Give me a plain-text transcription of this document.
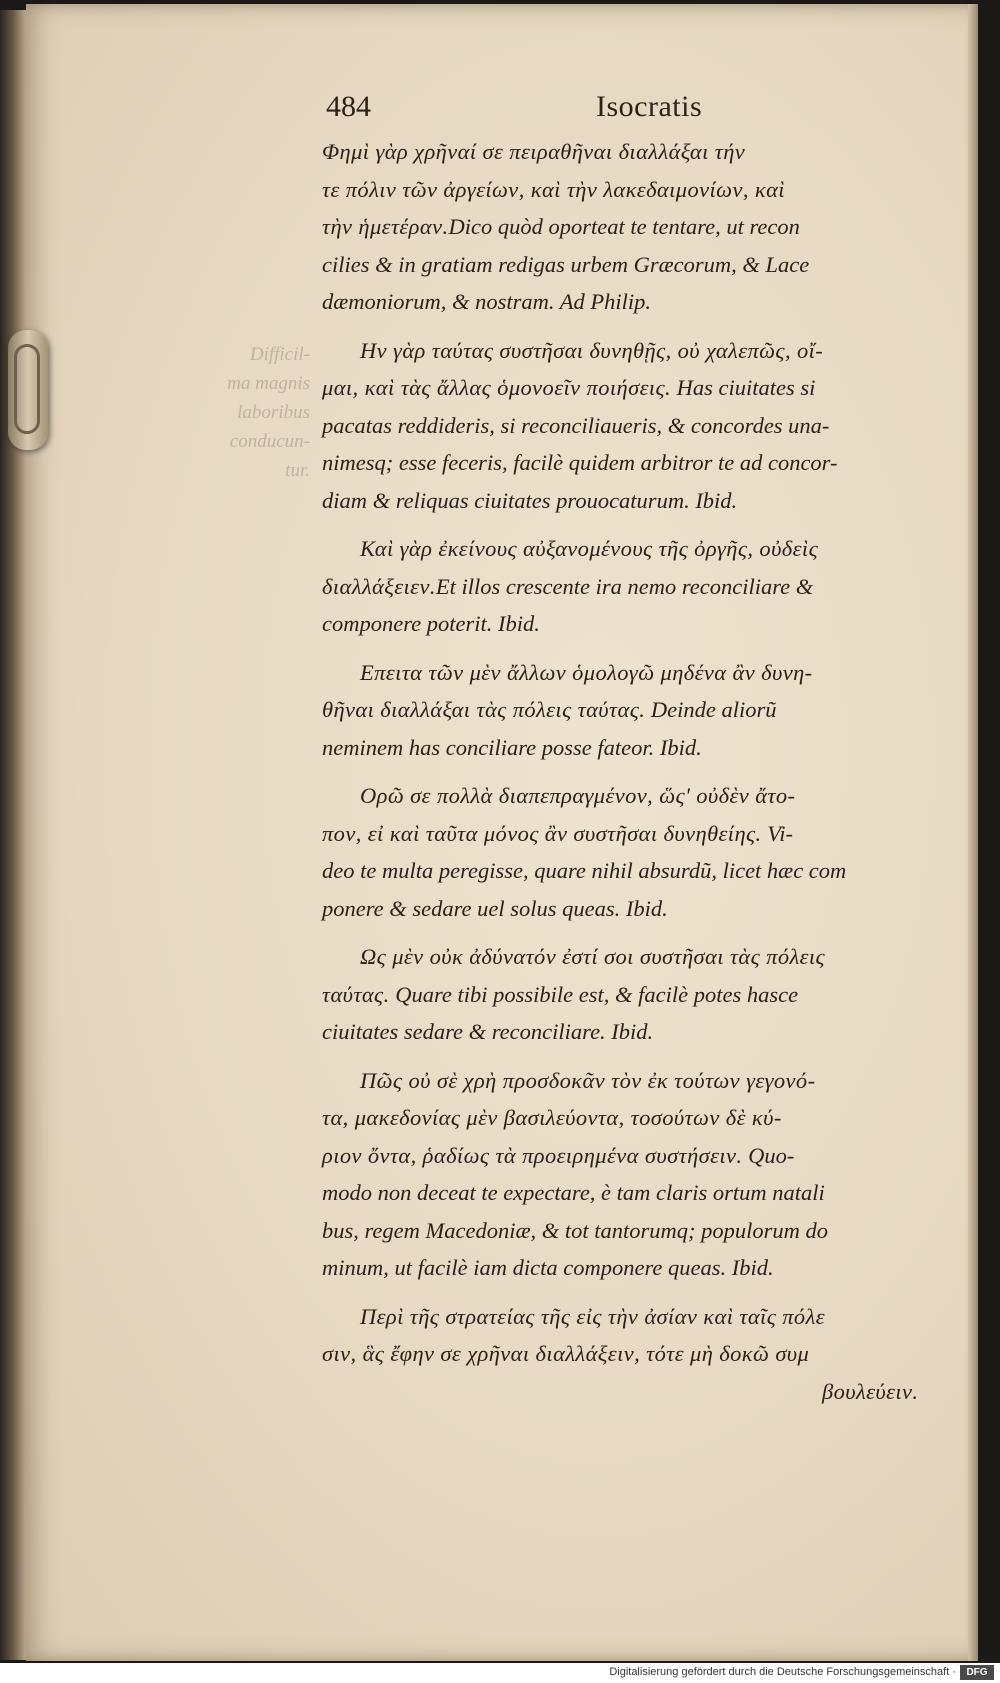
484	Isocratis
Difficil-
ma magnis
laboribus
conducun-
tur.
Φημὶ γὰρ χρῆναί σε πειραθῆναι διαλλάξαι τήν
τε πόλιν τῶν ἀργείων, καὶ τὴν λακεδαιμονίων, καὶ
τὴν ἡμετέραν.Dico quòd oporteat te tentare, ut recon
cilies & in gratiam redigas urbem Græcorum, & Lace
dæmoniorum, & nostram. Ad Philip.
Ην γὰρ ταύτας συστῆσαι δυνηθῇς, οὐ χαλεπῶς, οἴ-
μαι, καὶ τὰς ἄλλας ὁμονοεῖν ποιήσεις. Has ciuitates si
pacatas reddideris, si reconciliaueris, & concordes una-
nimesq; esse feceris, facilè quidem arbitror te ad concor-
diam & reliquas ciuitates prouocaturum. Ibid.
Καὶ γὰρ ἐκείνους αὐξανομένους τῆς ὀργῆς, οὐδεὶς
διαλλάξειεν.Et illos crescente ira nemo reconciliare &
componere poterit. Ibid.
Επειτα τῶν μὲν ἄλλων ὁμολογῶ μηδένα ἂν δυνη-
θῆναι διαλλάξαι τὰς πόλεις ταύτας. Deinde aliorũ
neminem has conciliare posse fateor. Ibid.
Ορῶ σε πολλὰ διαπεπραγμένον, ὥς' οὐδὲν ἄτο-
πον, εἰ καὶ ταῦτα μόνος ἂν συστῆσαι δυνηθείης. Vi-
deo te multa peregisse, quare nihil absurdũ, licet hæc com
ponere & sedare uel solus queas. Ibid.
Ως μὲν οὐκ ἀδύνατόν ἐστί σοι συστῆσαι τὰς πόλεις
ταύτας. Quare tibi possibile est, & facilè potes hasce
ciuitates sedare & reconciliare. Ibid.
Πῶς οὐ σὲ χρὴ προσδοκᾶν τὸν ἐκ τούτων γεγονό-
τα, μακεδονίας μὲν βασιλεύοντα, τοσούτων δὲ κύ-
ριον ὄντα, ῥαδίως τὰ προειρημένα συστήσειν. Quo-
modo non deceat te expectare, è tam claris ortum natali
bus, regem Macedoniæ, & tot tantorumq; populorum do
minum, ut facilè iam dicta componere queas. Ibid.
Περὶ τῆς στρατείας τῆς εἰς τὴν ἀσίαν καὶ ταῖς πόλε
σιν, ἃς ἔφην σε χρῆναι διαλλάξειν, τότε μὴ δοκῶ συμ
βουλεύειν.
Digitalisierung gefördert durch die Deutsche Forschungsgemeinschaft ·	DFG
